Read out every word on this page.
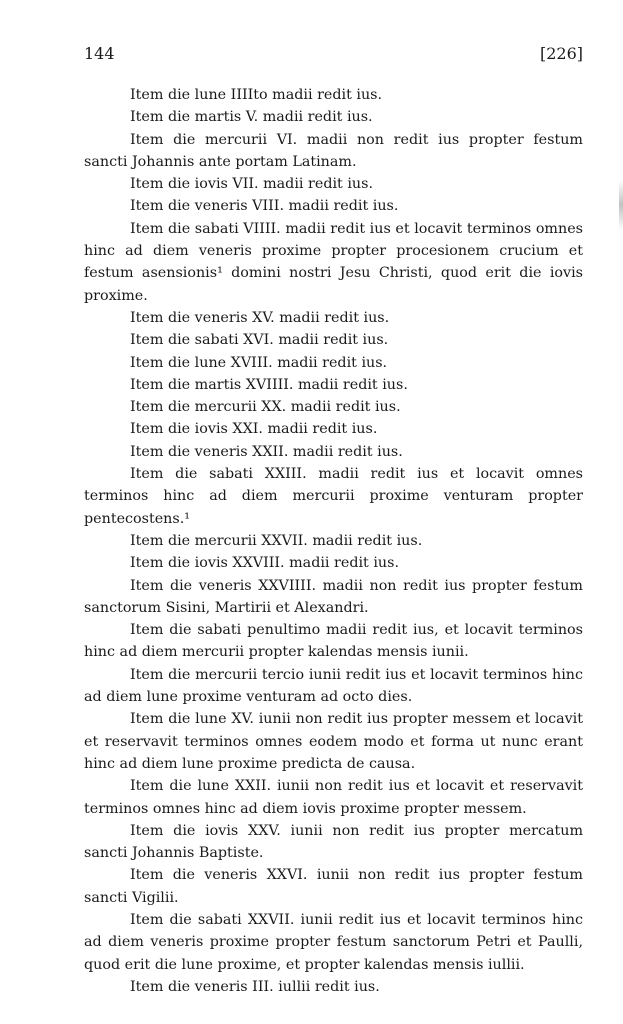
144	[226]

Item die lune IIIIto madii redit ius.

Item die martis V. madii redit ius.

Item die mercurii VI. madii non redit ius propter festum sancti Johannis ante portam Latinam.

Item die iovis VII. madii redit ius.

Item die veneris VIII. madii redit ius.

Item die sabati VIIII. madii redit ius et locavit terminos omnes hinc ad diem veneris proxime propter procesionem crucium et festum asensionis¹ domini nostri Jesu Christi, quod erit die iovis proxime.

Item die veneris XV. madii redit ius.

Item die sabati XVI. madii redit ius.

Item die lune XVIII. madii redit ius.

Item die martis XVIIII. madii redit ius.

Item die mercurii XX. madii redit ius.

Item die iovis XXI. madii redit ius.

Item die veneris XXII. madii redit ius.

Item die sabati XXIII. madii redit ius et locavit omnes terminos hinc ad diem mercurii proxime venturam propter pentecostens.¹

Item die mercurii XXVII. madii redit ius.

Item die iovis XXVIII. madii redit ius.

Item die veneris XXVIIII. madii non redit ius propter festum sanctorum Sisini, Martirii et Alexandri.

Item die sabati penultimo madii redit ius, et locavit terminos hinc ad diem mercurii propter kalendas mensis iunii.

Item die mercurii tercio iunii redit ius et locavit terminos hinc ad diem lune proxime venturam ad octo dies.

Item die lune XV. iunii non redit ius propter messem et locavit et reservavit terminos omnes eodem modo et forma ut nunc erant hinc ad diem lune proxime predicta de causa.

Item die lune XXII. iunii non redit ius et locavit et reservavit terminos omnes hinc ad diem iovis proxime propter messem.

Item die iovis XXV. iunii non redit ius propter mercatum sancti Johannis Baptiste.

Item die veneris XXVI. iunii non redit ius propter festum sancti Vigilii.

Item die sabati XXVII. iunii redit ius et locavit terminos hinc ad diem veneris proxime propter festum sanctorum Petri et Paulli, quod erit die lune proxime, et propter kalendas mensis iullii.

Item die veneris III. iullii redit ius.
